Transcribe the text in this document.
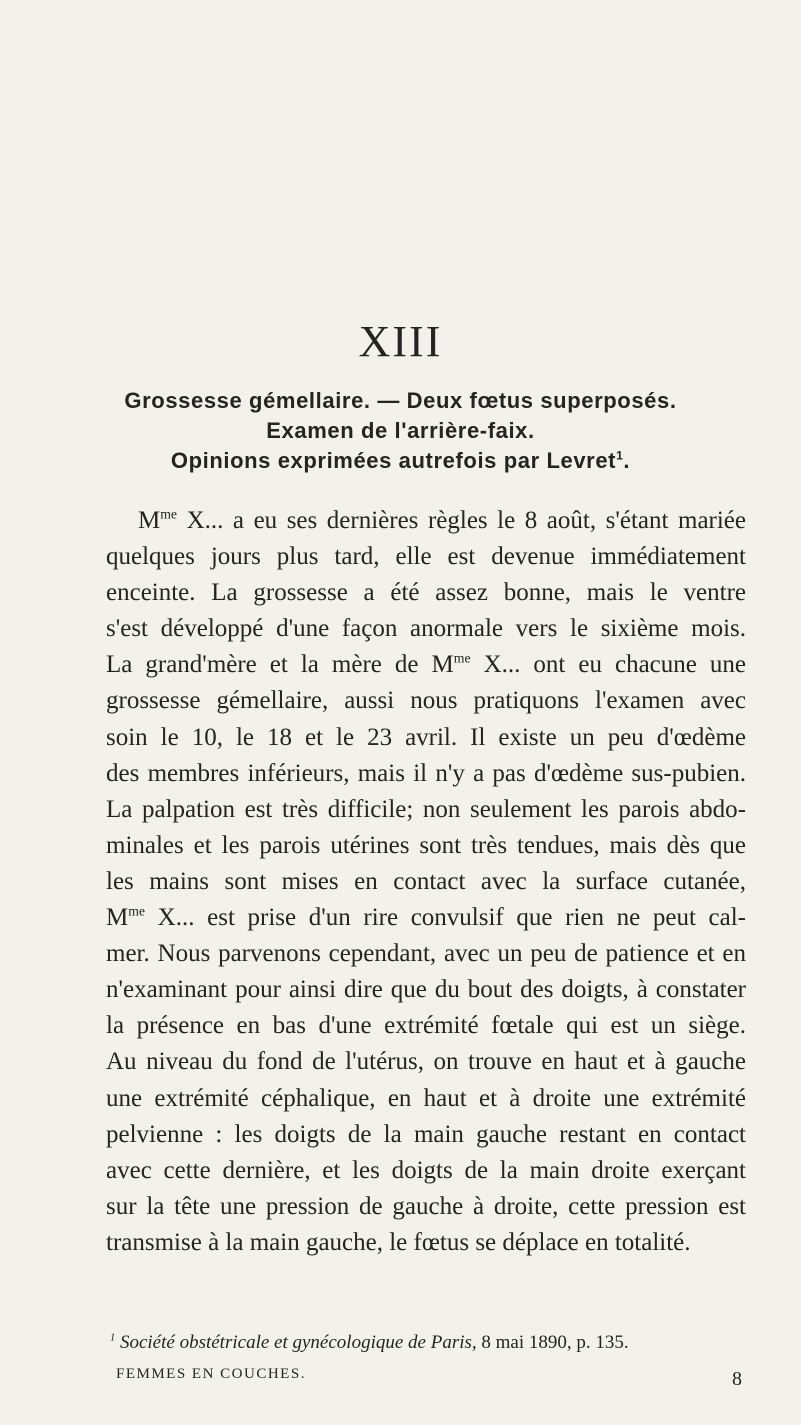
XIII
Grossesse gémellaire. — Deux fœtus superposés.
Examen de l'arrière-faix.
Opinions exprimées autrefois par Levret$^1$.
$M^{me}$ X... a eu ses dernières règles le 8 août, s'étant mariée
quelques jours plus tard, elle est devenue immédiatement
enceinte. La grossesse a été assez bonne, mais le ventre
s'est développé d'une façon anormale vers le sixième mois.
La grand'mère et la mère de $M^{me}$ X... ont eu chacune une
grossesse gémellaire, aussi nous pratiquons l'examen avec
soin le 10, le 18 et le 23 avril. Il existe un peu d'œdème
des membres inférieurs, mais il n'y a pas d'œdème sus-pubien.
La palpation est très difficile; non seulement les parois abdo-
minales et les parois utérines sont très tendues, mais dès que
les mains sont mises en contact avec la surface cutanée,
$M^{me}$ X... est prise d'un rire convulsif que rien ne peut cal-
mer. Nous parvenons cependant, avec un peu de patience et en
n'examinant pour ainsi dire que du bout des doigts, à constater
la présence en bas d'une extrémité fœtale qui est un siège.
Au niveau du fond de l'utérus, on trouve en haut et à gauche
une extrémité céphalique, en haut et à droite une extrémité
pelvienne : les doigts de la main gauche restant en contact
avec cette dernière, et les doigts de la main droite exerçant
sur la tête une pression de gauche à droite, cette pression est
transmise à la main gauche, le fœtus se déplace en totalité.
$^1$ Société obstétricale et gynécologique de Paris, 8 mai 1890, p. 135.
FEMMES EN COUCHES.	8
